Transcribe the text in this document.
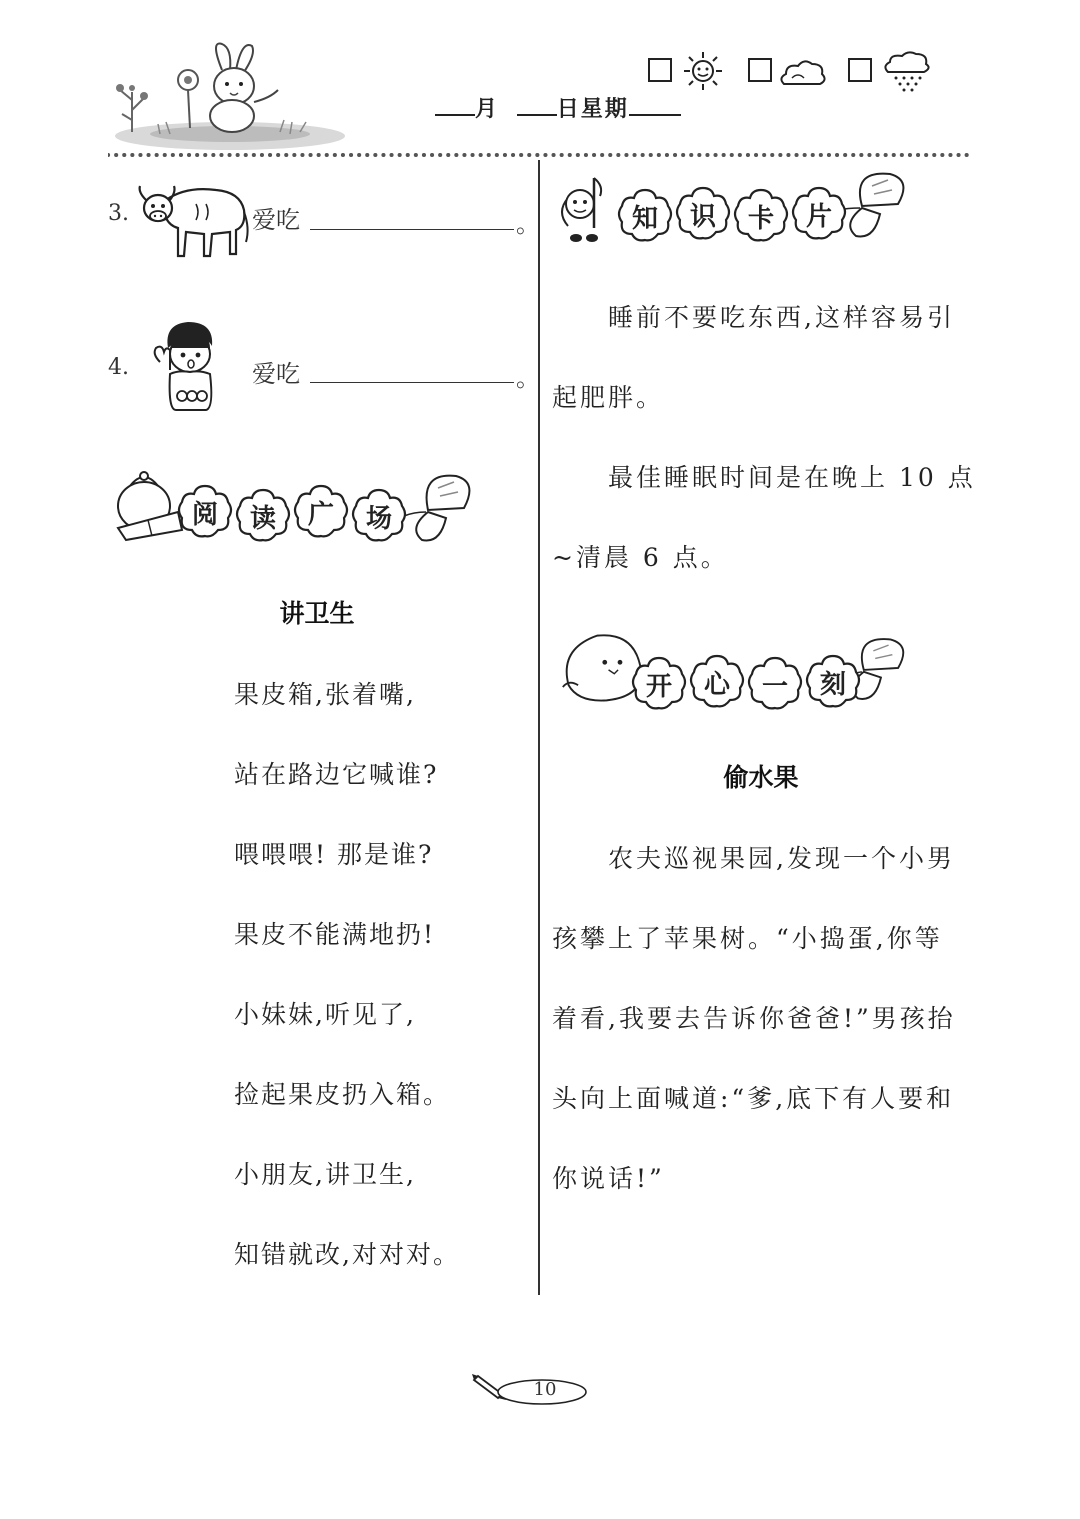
月	日星期
3.	爱吃	。
4.	爱吃	。
阅	读	广	场
讲卫生
果皮箱,张着嘴,
站在路边它喊谁?
喂喂喂! 那是谁?
果皮不能满地扔!
小妹妹,听见了,
捡起果皮扔入箱。
小朋友,讲卫生,
知错就改,对对对。
知	识	卡	片
睡前不要吃东西,这样容易引
起肥胖。
最佳睡眠时间是在晚上 10 点
~清晨 6 点。
开	心	一	刻
偷水果
农夫巡视果园,发现一个小男
孩攀上了苹果树。“小捣蛋,你等
着看,我要去告诉你爸爸!”男孩抬
头向上面喊道:“爹,底下有人要和
你说话!”
10
